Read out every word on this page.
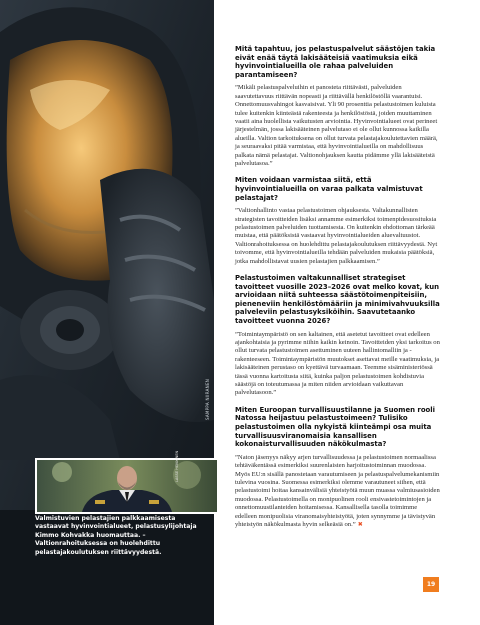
SAMPPA NIIRANEN
LASSE HEIKKINEN
Valmistuvien pelastajien palkkaamisesta vastaavat hyvinvointialueet, pelastusylijohtaja Kimmo Kohvakka huomauttaa. – Valtionrahoituksessa on huolehdittu pelastajakoulutuksen riittävyydestä.

Mitä tapahtuu, jos pelastuspalvelut säästöjen takia eivät enää täytä lakisääteisiä vaatimuksia eikä hyvinvointialueilla ole rahaa palveluiden parantamiseen?

”Mikäli pelastuspalveluihin ei panosteta riittävästi, palveluiden saavutettavuus riittävän nopeasti ja riittävällä henkilöstöllä vaarantuisi. Onnettomuusvahingot kasvaisivat. Yli 90 prosenttia pelastustoimen kuluista tulee kuitenkin kiinteästä rakenteesta ja henkilöstöstä, joiden muuttaminen vaatii aina huolellista vaikutusten arviointia. Hyvinvointialueet ovat perineet järjestelmän, jossa lakisääteinen palvelutaso ei ole ollut kunnossa kaikilla alueilla. Valtion tarkoituksena on ollut turvata pelastajakoulutettavien määrä, ja seuraavaksi pitää varmistaa, että hyvinvointialueilla on mahdollisuus palkata nämä pelastajat. Valtionohjauksen kautta pidämme yllä lakisääteistä palvelutasoa.”

Miten voidaan varmistaa siitä, että hyvinvointialueilla on varaa palkata valmistuvat pelastajat?

”Valtionhallinto vastaa pelastustoimen ohjauksesta. Valtakunnallisten strategisten tavoitteiden lisäksi annamme esimerkiksi toimenpidesuosituksia pelastustoimen palveluiden tuottamisesta. On kuitenkin ehdottoman tärkeää muistaa, että päätöksistä vastaavat hyvinvointialueiden aluevaltuustot. Valtionrahoituksessa on huolehdittu pelastajakoulutuksen riittävyydestä. Nyt toivomme, että hyvinvointialueilla tehdään palveluiden mukaisia päätöksiä, jotka mahdollistavat uusien pelastajien palkkaamisen.”

Pelastustoimen valtakunnalliset strategiset tavoitteet vuosille 2023–2026 ovat melko kovat, kun arvioidaan niitä suhteessa säästötoimenpiteisiin, pieneneviin henkilöstömääriin ja minimivahvuuksilla palveleviin pelastusyksiköihin. Saavutetaanko tavoitteet vuonna 2026?

”Toimintaympäristö on sen kaltainen, että asetetut tavoitteet ovat edelleen ajankohtaisia ja pyrimme niihin kaikin keinoin. Tavoitteiden yksi tarkoitus on ollut turvata pelastustoimen asettuminen uuteen hallintomalliin ja -rakenteeseen. Toimintaympäristön muutokset asettavat meille vaatimuksia, ja lakisääteinen perustaso on kyettävä turvaamaan. Teemme sisäministeriössä tässä vuonna kartoitusta siitä, kuinka paljon pelastustoimen kohdistuvia säästöjä on toteutumassa ja miten niiden arvioidaan vaikuttavan palvelutasoon.”

Miten Euroopan turvallisuustilanne ja Suomen rooli Natossa heijastuu pelastustoimeen? Tulisiko pelastustoimen olla nykyistä kiinteämpi osa muita turvallisuusviranomaisia kansallisen kokonaisturvallisuuden näkökulmasta?

”Naton jäsenyys näkyy arjen turvallisuudessa ja pelastustoimen normaalissa tehtäväkentässä esimerkiksi suurenlaisten harjoitustoiminnan muodossa. Myös EU:n sisällä panostetaan varautumiseen ja pelastuspalvelumekanismiin tulevina vuosina. Suomessa esimerkiksi olemme varautuneet siihen, että pelastustoimi hoitaa kansainvälisiä yhteistyötä muun muassa valmiusasioiden muodossa. Pelastustoimella on monipuolinen rooli ensivastetoimintojen ja onnettomuustilanteiden hoitamisessa. Kansallisella tasolla toimimme edelleen monipuolisia viranomaisyhteistyötä, joten synnymme ja tävistyvän yhteistyön näkökulmasta hyvin selkeäsiä on.” ✖

19
